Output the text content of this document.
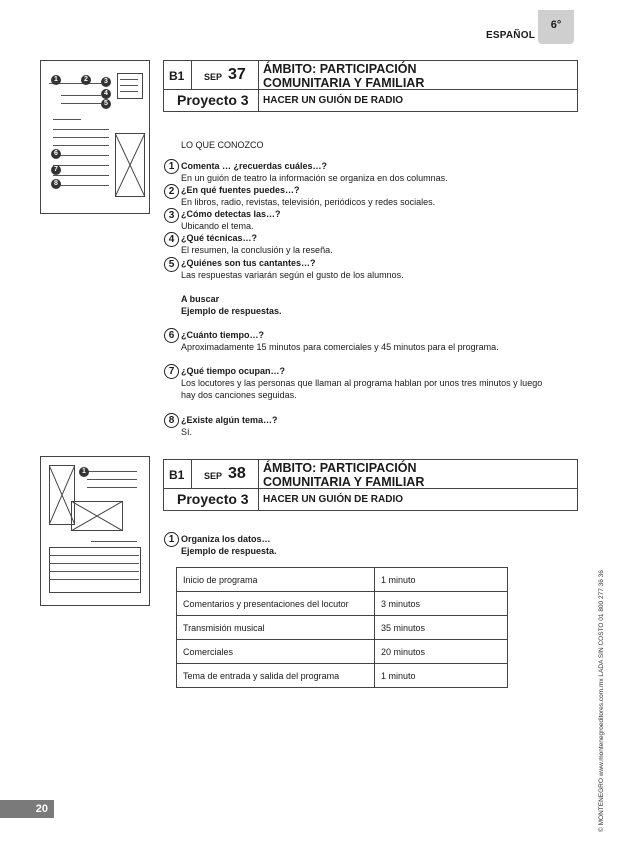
ESPAÑOL
6°
1	2	3
4
5
6
7
8
B1 SEP 37 ÁMBITO: PARTICIPACIÓN
COMUNITARIA Y FAMILIAR
Proyecto 3 HACER UN GUIÓN DE RADIO
LO QUE CONOZCO
1 Comenta … ¿recuerdas cuáles…?
En un guión de teatro la información se organiza en dos columnas.
2 ¿En qué fuentes puedes…?
En libros, radio, revistas, televisión, periódicos y redes sociales.
3 ¿Cómo detectas las…?
Ubicando el tema.
4 ¿Qué técnicas…?
El resumen, la conclusión y la reseña.
5 ¿Quiénes son tus cantantes…?
Las respuestas variarán según el gusto de los alumnos.
A buscar
Ejemplo de respuestas.
6 ¿Cuánto tiempo…?
Aproximadamente 15 minutos para comerciales y 45 minutos para el programa.
7 ¿Qué tiempo ocupan…?
Los locutores y las personas que llaman al programa hablan por unos tres minutos y luego
hay dos canciones seguidas.
8 ¿Existe algún tema…?
Sí.
1	B1 SEP 38 ÁMBITO: PARTICIPACIÓN
COMUNITARIA Y FAMILIAR
Proyecto 3 HACER UN GUIÓN DE RADIO
1 Organiza los datos…
Ejemplo de respuesta.
Inicio de programa	1 minuto
Comentarios y presentaciones del locutor	3 minutos
Transmisión musical	35 minutos
Comerciales	20 minutos
Tema de entrada y salida del programa	1 minuto
20	© MONTENEGRO www.montenegroeditores.com.mx LADA SIN COSTO 01 800 277 36 36
